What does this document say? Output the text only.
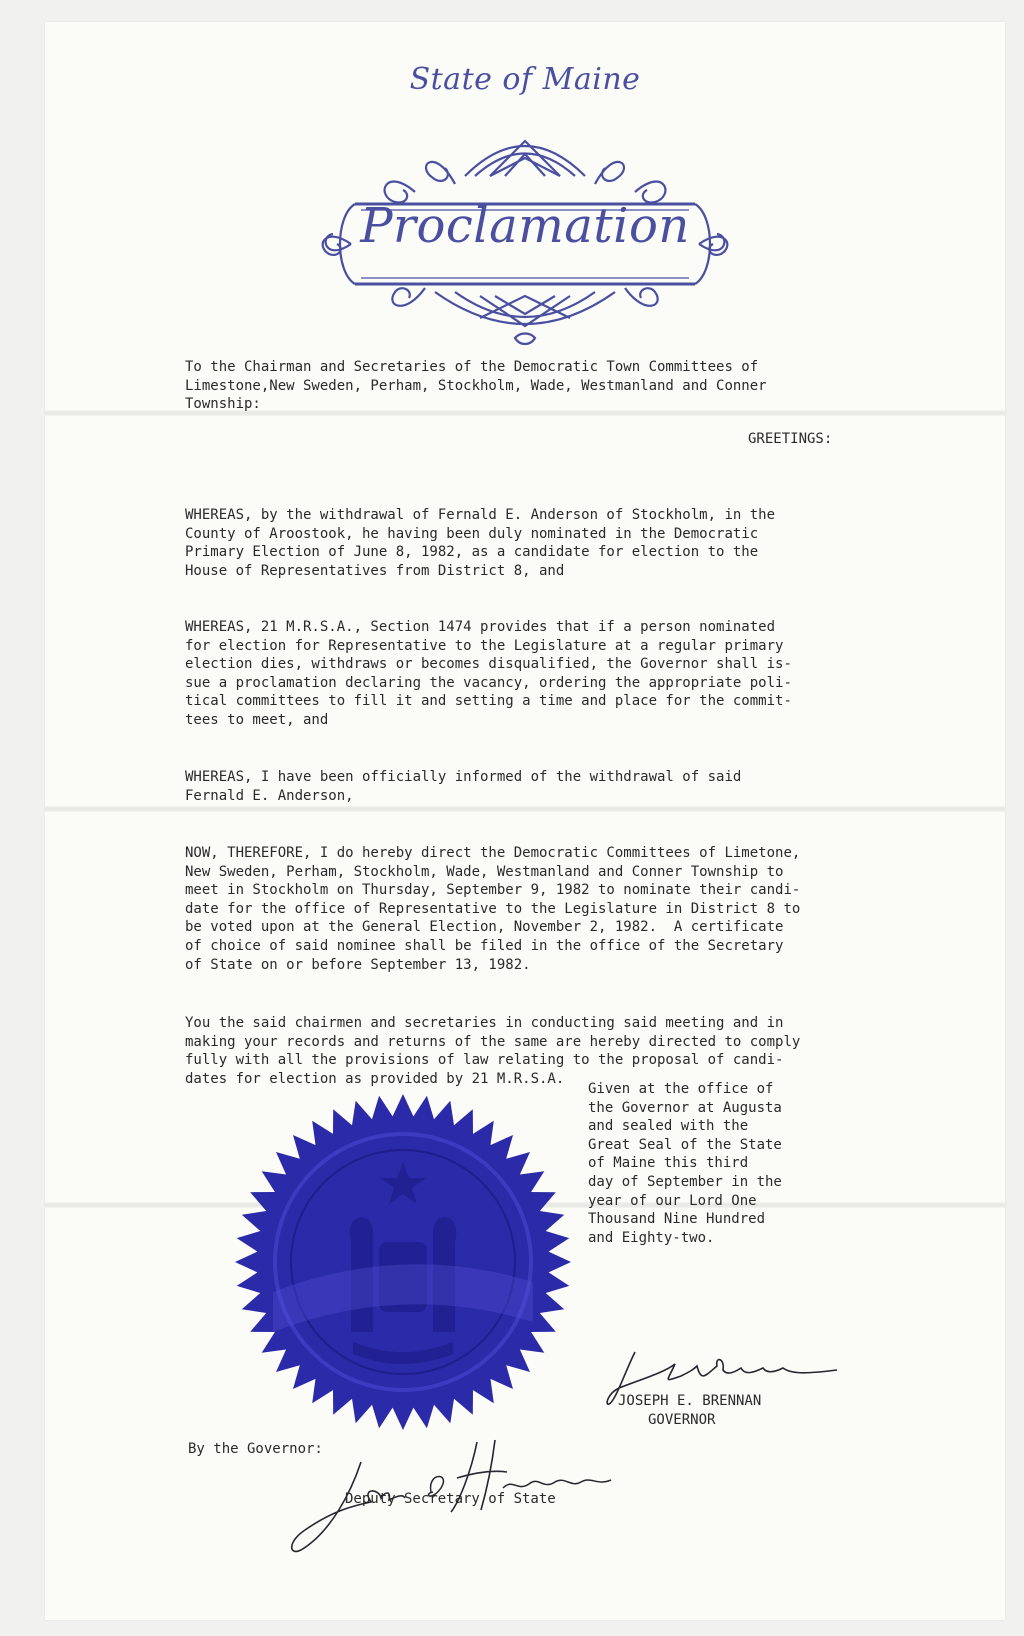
State of Maine
Proclamation

To the Chairman and Secretaries of the Democratic Town Committees of
Limestone,New Sweden, Perham, Stockholm, Wade, Westmanland and Conner
Township:

GREETINGS:

WHEREAS, by the withdrawal of Fernald E. Anderson of Stockholm, in the
County of Aroostook, he having been duly nominated in the Democratic
Primary Election of June 8, 1982, as a candidate for election to the
House of Representatives from District 8, and

WHEREAS, 21 M.R.S.A., Section 1474 provides that if a person nominated
for election for Representative to the Legislature at a regular primary
election dies, withdraws or becomes disqualified, the Governor shall is-
sue a proclamation declaring the vacancy, ordering the appropriate poli-
tical committees to fill it and setting a time and place for the commit-
tees to meet, and

WHEREAS, I have been officially informed of the withdrawal of said
Fernald E. Anderson,

NOW, THEREFORE, I do hereby direct the Democratic Committees of Limetone,
New Sweden, Perham, Stockholm, Wade, Westmanland and Conner Township to
meet in Stockholm on Thursday, September 9, 1982 to nominate their candi-
date for the office of Representative to the Legislature in District 8 to
be voted upon at the General Election, November 2, 1982.  A certificate
of choice of said nominee shall be filed in the office of the Secretary
of State on or before September 13, 1982.

You the said chairmen and secretaries in conducting said meeting and in
making your records and returns of the same are hereby directed to comply
fully with all the provisions of law relating to the proposal of candi-
dates for election as provided by 21 M.R.S.A.

Given at the office of
the Governor at Augusta
and sealed with the
Great Seal of the State
of Maine this third
day of September in the
year of our Lord One
Thousand Nine Hundred
and Eighty-two.

JOSEPH E. BRENNAN

GOVERNOR

By the Governor:

Deputy Secretary of State
